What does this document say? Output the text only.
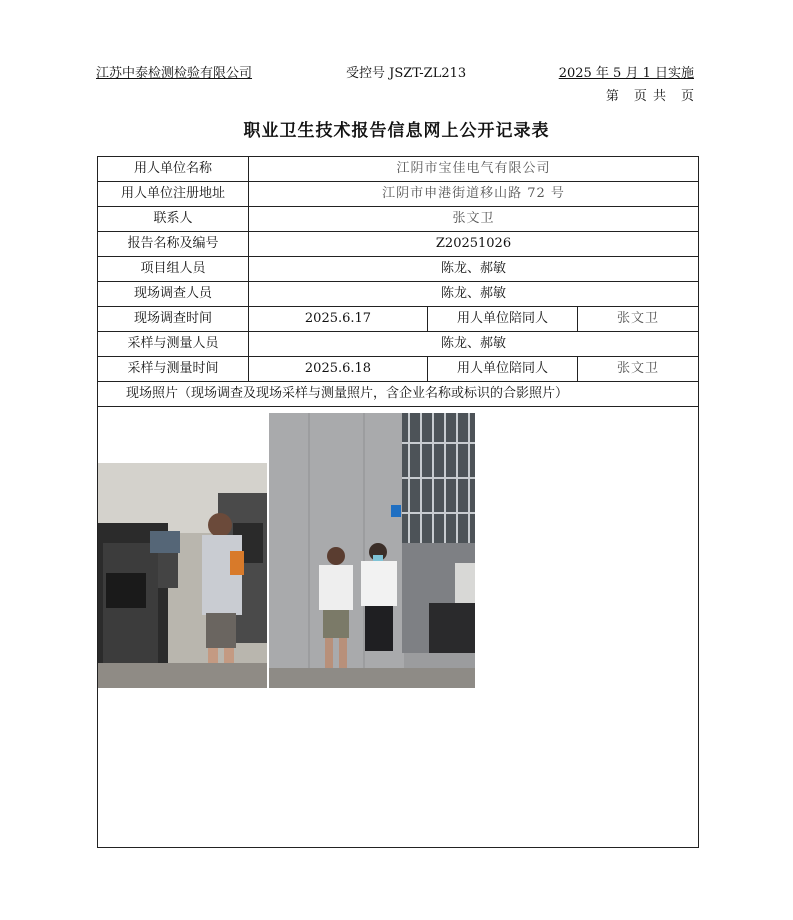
江苏中泰检测检验有限公司	受控号 JSZT-ZL213	2025 年 5 月 1 日实施
第　页 共　页
职业卫生技术报告信息网上公开记录表
用人单位名称	江阴市宝佳电气有限公司		
用人单位注册地址	江阴市申港街道移山路 72 号		
联系人	张文卫		
报告名称及编号	Z20251026		
项目组人员	陈龙、郝敏		
现场调查人员	陈龙、郝敏		
现场调查时间	2025.6.17	用人单位陪同人	张文卫
采样与测量人员	陈龙、郝敏		
采样与测量时间	2025.6.18	用人单位陪同人	张文卫
现场照片（现场调查及现场采样与测量照片，含企业名称或标识的合影照片）			
